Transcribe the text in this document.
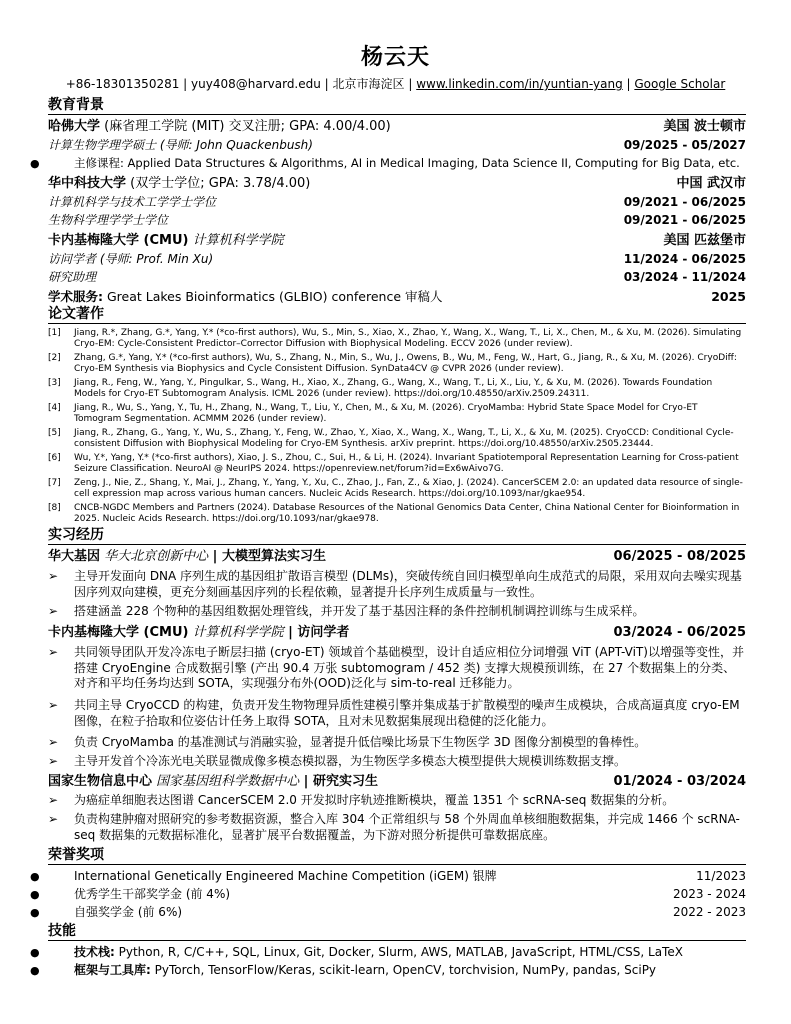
杨云天
+86-18301350281 | yuy408@harvard.edu | 北京市海淀区 | www.linkedin.com/in/yuntian-yang | Google Scholar
教育背景
哈佛大学 (麻省理工学院 (MIT) 交叉注册; GPA: 4.00/4.00)	美国 波士顿市
计算生物学理学硕士 (导师: John Quackenbush)	09/2025 - 05/2027
●	主修课程: Applied Data Structures & Algorithms, AI in Medical Imaging, Data Science II, Computing for Big Data, etc.
华中科技大学 (双学士学位; GPA: 3.78/4.00)	中国 武汉市
计算机科学与技术工学学士学位	09/2021 - 06/2025
生物科学理学学士学位	09/2021 - 06/2025
卡内基梅隆大学 (CMU) 计算机科学学院	美国 匹兹堡市
访问学者 (导师: Prof. Min Xu)	11/2024 - 06/2025
研究助理	03/2024 - 11/2024
学术服务: Great Lakes Bioinformatics (GLBIO) conference 审稿人	2025
论文著作
[1] Jiang, R.*, Zhang, G.*, Yang, Y.* (*co-first authors), Wu, S., Min, S., Xiao, X., Zhao, Y., Wang, X., Wang, T., Li, X., Chen, M., & Xu, M. (2026). Simulating Cryo-EM: Cycle-Consistent Predictor–Corrector Diffusion with Biophysical Modeling. ECCV 2026 (under review).
[2] Zhang, G.*, Yang, Y.* (*co-first authors), Wu, S., Zhang, N., Min, S., Wu, J., Owens, B., Wu, M., Feng, W., Hart, G., Jiang, R., & Xu, M. (2026). CryoDiff: Cryo-EM Synthesis via Biophysics and Cycle Consistent Diffusion. SynData4CV @ CVPR 2026 (under review).
[3] Jiang, R., Feng, W., Yang, Y., Pingulkar, S., Wang, H., Xiao, X., Zhang, G., Wang, X., Wang, T., Li, X., Liu, Y., & Xu, M. (2026). Towards Foundation Models for Cryo-ET Subtomogram Analysis. ICML 2026 (under review). https://doi.org/10.48550/arXiv.2509.24311.
[4] Jiang, R., Wu, S., Yang, Y., Tu, H., Zhang, N., Wang, T., Liu, Y., Chen, M., & Xu, M. (2026). CryoMamba: Hybrid State Space Model for Cryo-ET Tomogram Segmentation. ACMMM 2026 (under review).
[5] Jiang, R., Zhang, G., Yang, Y., Wu, S., Zhang, Y., Feng, W., Zhao, Y., Xiao, X., Wang, X., Wang, T., Li, X., & Xu, M. (2025). CryoCCD: Conditional Cycle-consistent Diffusion with Biophysical Modeling for Cryo-EM Synthesis. arXiv preprint. https://doi.org/10.48550/arXiv.2505.23444.
[6] Wu, Y.*, Yang, Y.* (*co-first authors), Xiao, J. S., Zhou, C., Sui, H., & Li, H. (2024). Invariant Spatiotemporal Representation Learning for Cross-patient Seizure Classification. NeuroAI @ NeurIPS 2024. https://openreview.net/forum?id=Ex6wAivo7G.
[7] Zeng, J., Nie, Z., Shang, Y., Mai, J., Zhang, Y., Yang, Y., Xu, C., Zhao, J., Fan, Z., & Xiao, J. (2024). CancerSCEM 2.0: an updated data resource of single-cell expression map across various human cancers. Nucleic Acids Research. https://doi.org/10.1093/nar/gkae954.
[8] CNCB-NGDC Members and Partners (2024). Database Resources of the National Genomics Data Center, China National Center for Bioinformation in 2025. Nucleic Acids Research. https://doi.org/10.1093/nar/gkae978.
实习经历
华大基因 华大北京创新中心 | 大模型算法实习生	06/2025 - 08/2025
➢ 主导开发面向 DNA 序列生成的基因组扩散语言模型 (DLMs)，突破传统自回归模型单向生成范式的局限，采用双向去噪实现基因序列双向建模，更充分刻画基因序列的长程依赖，显著提升长序列生成质量与一致性。
➢ 搭建涵盖 228 个物种的基因组数据处理管线，并开发了基于基因注释的条件控制机制调控训练与生成采样。
卡内基梅隆大学 (CMU) 计算机科学学院 | 访问学者	03/2024 - 06/2025
➢ 共同领导团队开发冷冻电子断层扫描 (cryo-ET) 领域首个基础模型，设计自适应相位分词增强 ViT (APT-ViT)以增强等变性，并搭建 CryoEngine 合成数据引擎 (产出 90.4 万张 subtomogram / 452 类) 支撑大规模预训练，在 27 个数据集上的分类、对齐和平均任务均达到 SOTA，实现强分布外(OOD)泛化与 sim-to-real 迁移能力。
➢ 共同主导 CryoCCD 的构建，负责开发生物物理异质性建模引擎并集成基于扩散模型的噪声生成模块，合成高逼真度 cryo-EM 图像，在粒子拾取和位姿估计任务上取得 SOTA，且对未见数据集展现出稳健的泛化能力。
➢ 负责 CryoMamba 的基准测试与消融实验，显著提升低信噪比场景下生物医学 3D 图像分割模型的鲁棒性。
➢ 主导开发首个冷冻光电关联显微成像多模态模拟器，为生物医学多模态大模型提供大规模训练数据支撑。
国家生物信息中心 国家基因组科学数据中心 | 研究实习生	01/2024 - 03/2024
➢ 为癌症单细胞表达图谱 CancerSCEM 2.0 开发拟时序轨迹推断模块，覆盖 1351 个 scRNA-seq 数据集的分析。
➢ 负责构建肿瘤对照研究的参考数据资源，整合入库 304 个正常组织与 58 个外周血单核细胞数据集，并完成 1466 个 scRNA-seq 数据集的元数据标准化，显著扩展平台数据覆盖，为下游对照分析提供可靠数据底座。
荣誉奖项
●	International Genetically Engineered Machine Competition (iGEM) 银牌	11/2023
●	优秀学生干部奖学金 (前 4%)	2023 - 2024
●	自强奖学金 (前 6%)	2022 - 2023
技能
●	技术栈: Python, R, C/C++, SQL, Linux, Git, Docker, Slurm, AWS, MATLAB, JavaScript, HTML/CSS, LaTeX
●	框架与工具库: PyTorch, TensorFlow/Keras, scikit-learn, OpenCV, torchvision, NumPy, pandas, SciPy
